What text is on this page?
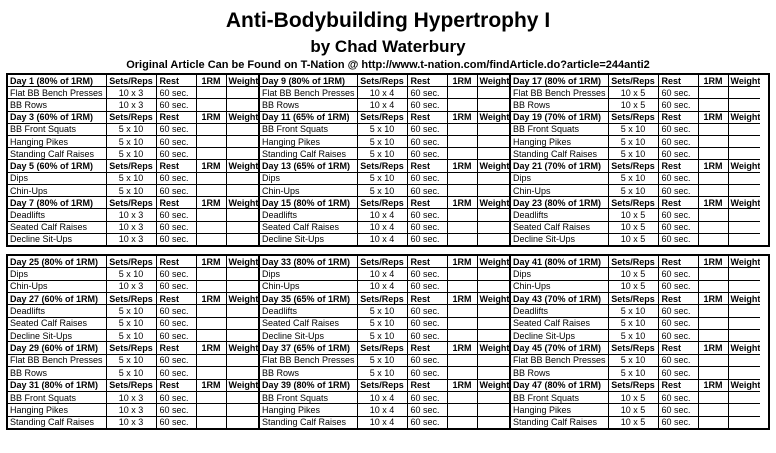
Anti-Bodybuilding Hypertrophy I
by Chad Waterbury
Original Article Can be Found on T-Nation @ http://www.t-nation.com/findArticle.do?article=244anti2
Day 1 (80% of 1RM)	Sets/Reps	Rest	1RM	Weight
Flat BB Bench Presses	10 x 3	60 sec.		
BB Rows	10 x 3	60 sec.		
Day 3 (60% of 1RM)	Sets/Reps	Rest	1RM	Weight
BB Front Squats	5 x 10	60 sec.		
Hanging Pikes	5 x 10	60 sec.		
Standing Calf Raises	5 x 10	60 sec.		
Day 5 (60% of 1RM)	Sets/Reps	Rest	1RM	Weight
Dips	5 x 10	60 sec.		
Chin-Ups	5 x 10	60 sec.		
Day 7 (80% of 1RM)	Sets/Reps	Rest	1RM	Weight
Deadlifts	10 x 3	60 sec.		
Seated Calf Raises	10 x 3	60 sec.		
Decline Sit-Ups	10 x 3	60 sec.		
Day 9 (80% of 1RM)	Sets/Reps	Rest	1RM	Weight
Flat BB Bench Presses	10 x 4	60 sec.		
BB Rows	10 x 4	60 sec.		
Day 11 (65% of 1RM)	Sets/Reps	Rest	1RM	Weight
BB Front Squats	5 x 10	60 sec.		
Hanging Pikes	5 x 10	60 sec.		
Standing Calf Raises	5 x 10	60 sec.		
Day 13 (65% of 1RM)	Sets/Reps	Rest	1RM	Weight
Dips	5 x 10	60 sec.		
Chin-Ups	5 x 10	60 sec.		
Day 15 (80% of 1RM)	Sets/Reps	Rest	1RM	Weight
Deadlifts	10 x 4	60 sec.		
Seated Calf Raises	10 x 4	60 sec.		
Decline Sit-Ups	10 x 4	60 sec.		
Day 17 (80% of 1RM)	Sets/Reps	Rest	1RM	Weight
Flat BB Bench Presses	10 x 5	60 sec.		
BB Rows	10 x 5	60 sec.		
Day 19 (70% of 1RM)	Sets/Reps	Rest	1RM	Weight
BB Front Squats	5 x 10	60 sec.		
Hanging Pikes	5 x 10	60 sec.		
Standing Calf Raises	5 x 10	60 sec.		
Day 21 (70% of 1RM)	Sets/Reps	Rest	1RM	Weight
Dips	5 x 10	60 sec.		
Chin-Ups	5 x 10	60 sec.		
Day 23 (80% of 1RM)	Sets/Reps	Rest	1RM	Weight
Deadlifts	10 x 5	60 sec.		
Seated Calf Raises	10 x 5	60 sec.		
Decline Sit-Ups	10 x 5	60 sec.		
Day 25 (80% of 1RM)	Sets/Reps	Rest	1RM	Weight
Dips	5 x 10	60 sec.		
Chin-Ups	10 x 3	60 sec.		
Day 27 (60% of 1RM)	Sets/Reps	Rest	1RM	Weight
Deadlifts	5 x 10	60 sec.		
Seated Calf Raises	5 x 10	60 sec.		
Decline Sit-Ups	5 x 10	60 sec.		
Day 29 (60% of 1RM)	Sets/Reps	Rest	1RM	Weight
Flat BB Bench Presses	5 x 10	60 sec.		
BB Rows	5 x 10	60 sec.		
Day 31 (80% of 1RM)	Sets/Reps	Rest	1RM	Weight
BB Front Squats	10 x 3	60 sec.		
Hanging Pikes	10 x 3	60 sec.		
Standing Calf Raises	10 x 3	60 sec.		
Day 33 (80% of 1RM)	Sets/Reps	Rest	1RM	Weight
Dips	10 x 4	60 sec.		
Chin-Ups	10 x 4	60 sec.		
Day 35 (65% of 1RM)	Sets/Reps	Rest	1RM	Weight
Deadlifts	5 x 10	60 sec.		
Seated Calf Raises	5 x 10	60 sec.		
Decline Sit-Ups	5 x 10	60 sec.		
Day 37 (65% of 1RM)	Sets/Reps	Rest	1RM	Weight
Flat BB Bench Presses	5 x 10	60 sec.		
BB Rows	5 x 10	60 sec.		
Day 39 (80% of 1RM)	Sets/Reps	Rest	1RM	Weight
BB Front Squats	10 x 4	60 sec.		
Hanging Pikes	10 x 4	60 sec.		
Standing Calf Raises	10 x 4	60 sec.		
Day 41 (80% of 1RM)	Sets/Reps	Rest	1RM	Weight
Dips	10 x 5	60 sec.		
Chin-Ups	10 x 5	60 sec.		
Day 43 (70% of 1RM)	Sets/Reps	Rest	1RM	Weight
Deadlifts	5 x 10	60 sec.		
Seated Calf Raises	5 x 10	60 sec.		
Decline Sit-Ups	5 x 10	60 sec.		
Day 45 (70% of 1RM)	Sets/Reps	Rest	1RM	Weight
Flat BB Bench Presses	5 x 10	60 sec.		
BB Rows	5 x 10	60 sec.		
Day 47 (80% of 1RM)	Sets/Reps	Rest	1RM	Weight
BB Front Squats	10 x 5	60 sec.		
Hanging Pikes	10 x 5	60 sec.		
Standing Calf Raises	10 x 5	60 sec.		
